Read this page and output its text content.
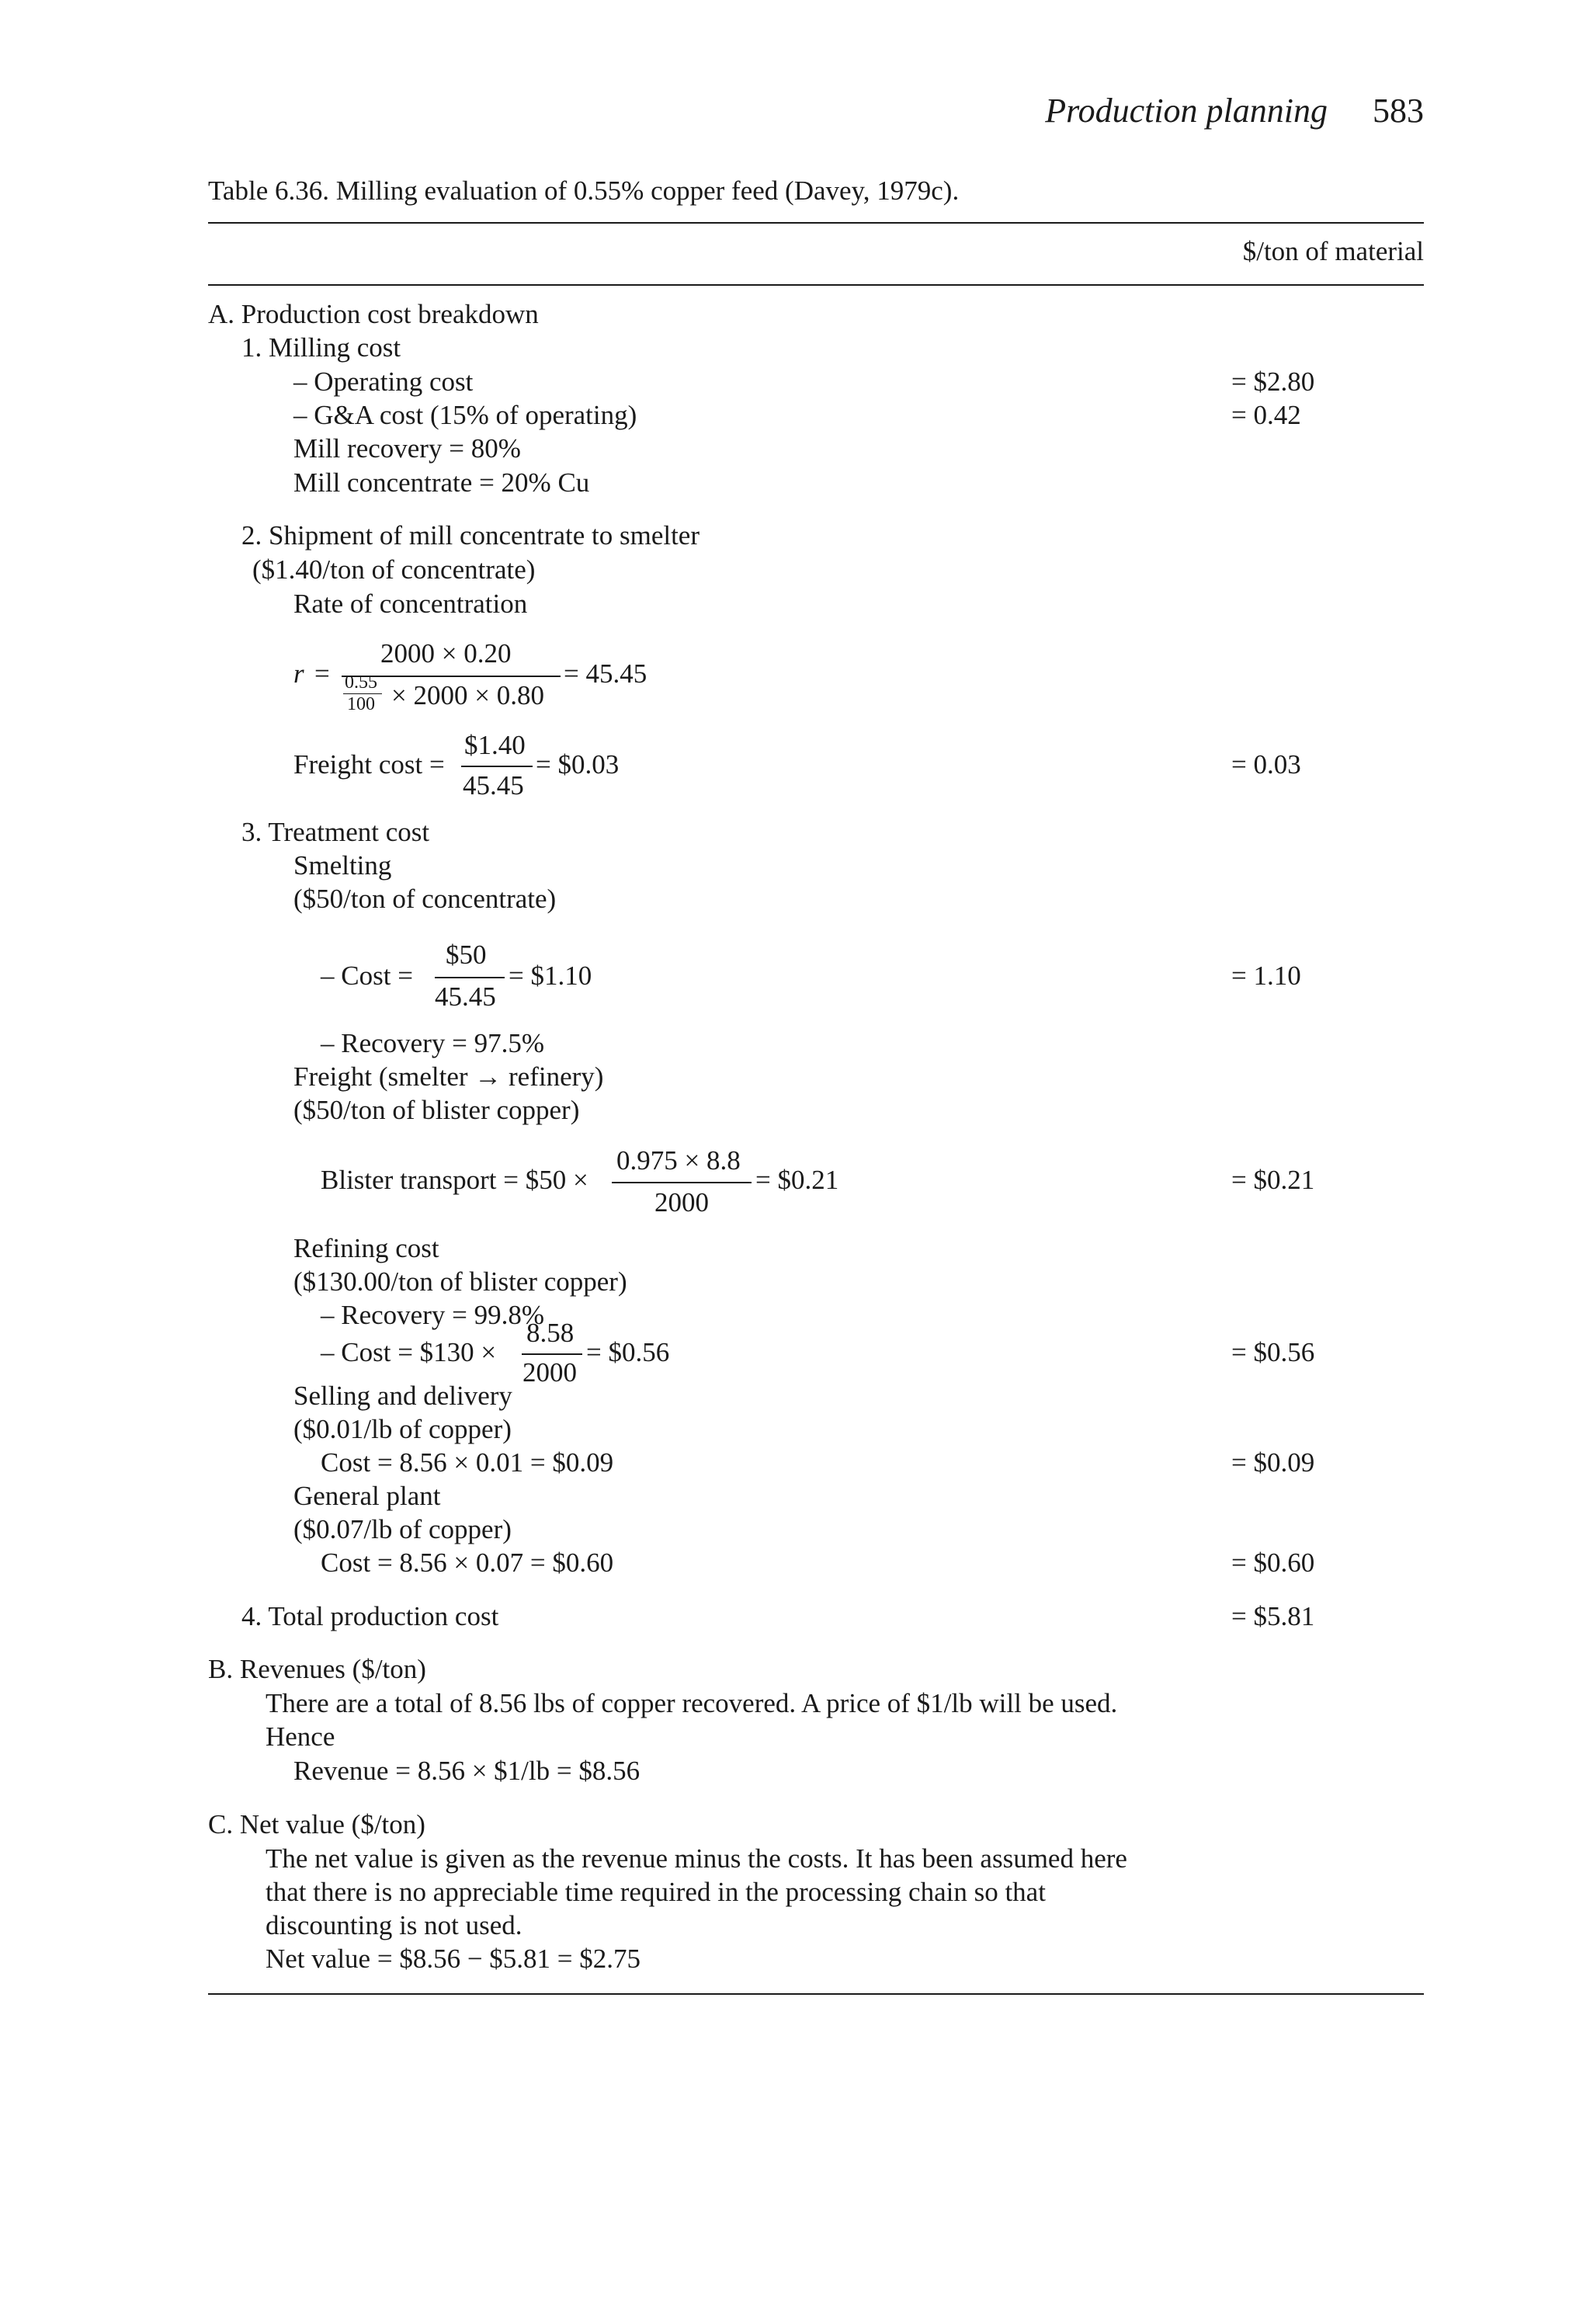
Production planning 583
Table 6.36. Milling evaluation of 0.55% copper feed (Davey, 1979c).
$/ton of material
A. Production cost breakdown
1. Milling cost
– Operating cost	= $2.80
– G&A cost (15% of operating)	= 0.42
Mill recovery = 80%
Mill concentrate = 20% Cu
2. Shipment of mill concentrate to smelter
($1.40/ton of concentrate)
Rate of concentration
r =
2000 × 0.20
0.55
100 × 2000 × 0.80
= 45.45
Freight cost =
$1.40
45.45
= $0.03	= 0.03
3. Treatment cost
Smelting
($50/ton of concentrate)
– Cost =
$50
45.45
= $1.10	= 1.10
– Recovery = 97.5%
Freight (smelter → refinery)
($50/ton of blister copper)
Blister transport = $50 ×
0.975 × 8.8
2000
= $0.21	= $0.21
Refining cost
($130.00/ton of blister copper)
– Recovery = 99.8%
– Cost = $130 ×
8.58
2000
= $0.56	= $0.56
Selling and delivery
($0.01/lb of copper)
Cost = 8.56 × 0.01 = $0.09	= $0.09
General plant
($0.07/lb of copper)
Cost = 8.56 × 0.07 = $0.60	= $0.60
4. Total production cost	= $5.81
B. Revenues ($/ton)
There are a total of 8.56 lbs of copper recovered. A price of $1/lb will be used.
Hence
Revenue = 8.56 × $1/lb = $8.56
C. Net value ($/ton)
The net value is given as the revenue minus the costs. It has been assumed here
that there is no appreciable time required in the processing chain so that
discounting is not used.
Net value = $8.56 − $5.81 = $2.75
